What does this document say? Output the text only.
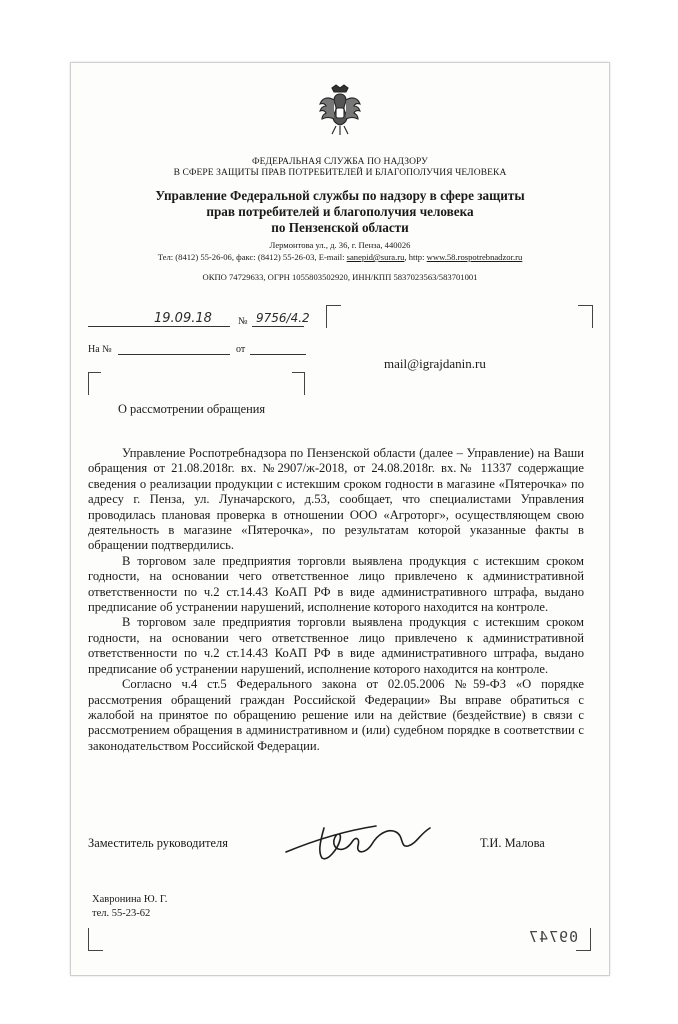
ФЕДЕРАЛЬНАЯ СЛУЖБА ПО НАДЗОРУ
В СФЕРЕ ЗАЩИТЫ ПРАВ ПОТРЕБИТЕЛЕЙ И БЛАГОПОЛУЧИЯ ЧЕЛОВЕКА
Управление Федеральной службы по надзору в сфере защиты
прав потребителей и благополучия человека
по Пензенской области
Лермонтова ул., д. 36, г. Пенза, 440026
Тел: (8412) 55-26-06, факс: (8412) 55-26-03, E-mail: sanepid@sura.ru, http: www.58.rospotrebnadzor.ru
ОКПО 74729633, ОГРН 1055803502920, ИНН/КПП 5837023563/583701001
19.09.18	№ 9756/4.2
На №	от
mail@igrajdanin.ru
О рассмотрении обращения

Управление Роспотребнадзора по Пензенской области (далее – Управление) на Ваши обращения от 21.08.2018г. вх. №2907/ж-2018, от 24.08.2018г. вх.№ 11337 содержащие сведения о реализации продукции с истекшим сроком годности в магазине «Пятерочка» по адресу г. Пенза, ул. Луначарского, д.53, сообщает, что специалистами Управления проводилась плановая проверка в отношении ООО «Агроторг», осуществляющем свою деятельность в магазине «Пятерочка», по результатам которой указанные факты в обращении подтвердились.

В торговом зале предприятия торговли выявлена продукция с истекшим сроком годности, на основании чего ответственное лицо привлечено к административной ответственности по ч.2 ст.14.43 КоАП РФ в виде административного штрафа, выдано предписание об устранении нарушений, исполнение которого находится на контроле.

В торговом зале предприятия торговли выявлена продукция с истекшим сроком годности, на основании чего ответственное лицо привлечено к административной ответственности по ч.2 ст.14.43 КоАП РФ в виде административного штрафа, выдано предписание об устранении нарушений, исполнение которого находится на контроле.

Согласно ч.4 ст.5 Федерального закона от 02.05.2006 №59-ФЗ «О порядке рассмотрения обращений граждан Российской Федерации» Вы вправе обратиться с жалобой на принятое по обращению решение или на действие (бездействие) в связи с рассмотрением обращения в административном и (или) судебном порядке в соответствии с законодательством Российской Федерации.

Заместитель руководителя	Т.И. Малова
Хавронина Ю. Г.
тел. 55-23-62
09747
